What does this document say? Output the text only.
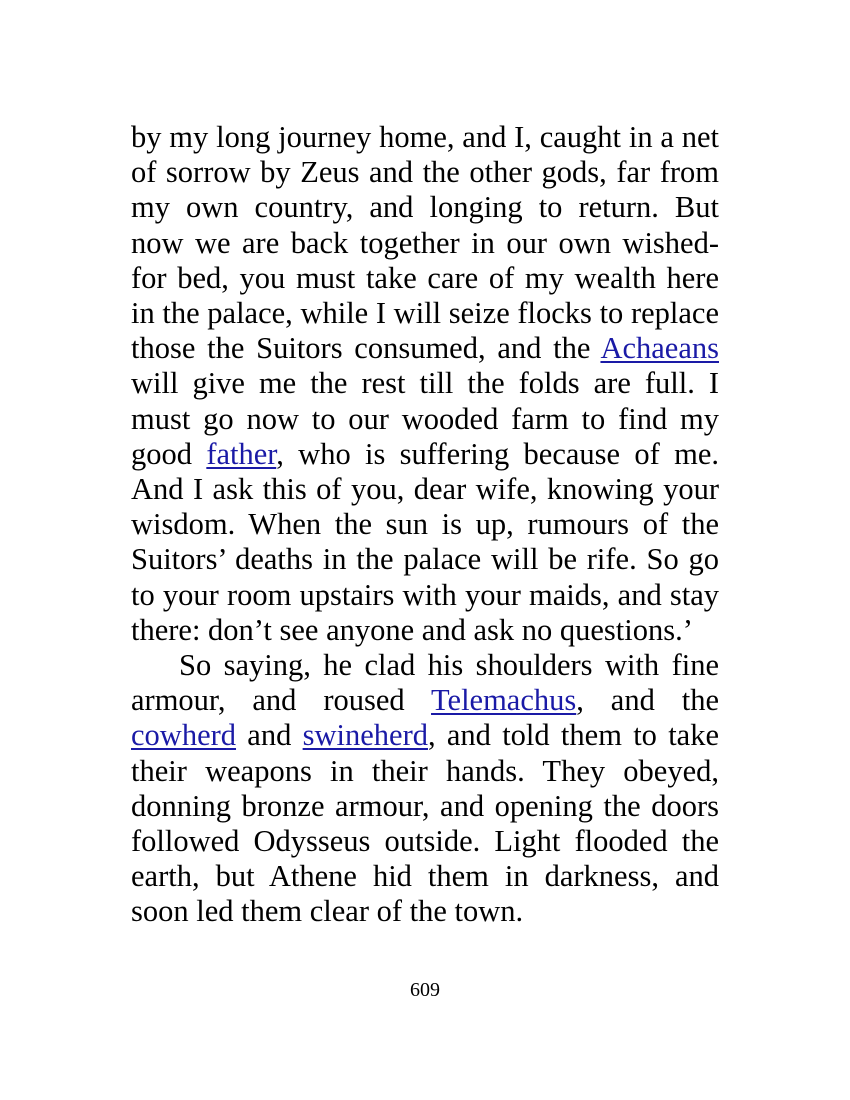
by my long journey home, and I, caught in a net of sorrow by Zeus and the other gods, far from my own country, and longing to return. But now we are back together in our own wished-for bed, you must take care of my wealth here in the palace, while I will seize flocks to replace those the Suitors consumed, and the Achaeans will give me the rest till the folds are full. I must go now to our wooded farm to find my good father, who is suffering because of me. And I ask this of you, dear wife, knowing your wisdom. When the sun is up, rumours of the Suitors’ deaths in the palace will be rife. So go to your room upstairs with your maids, and stay there: don’t see anyone and ask no questions.’

So saying, he clad his shoulders with fine armour, and roused Telemachus, and the cowherd and swineherd, and told them to take their weapons in their hands. They obeyed, donning bronze armour, and opening the doors followed Odysseus outside. Light flooded the earth, but Athene hid them in darkness, and soon led them clear of the town.

609
